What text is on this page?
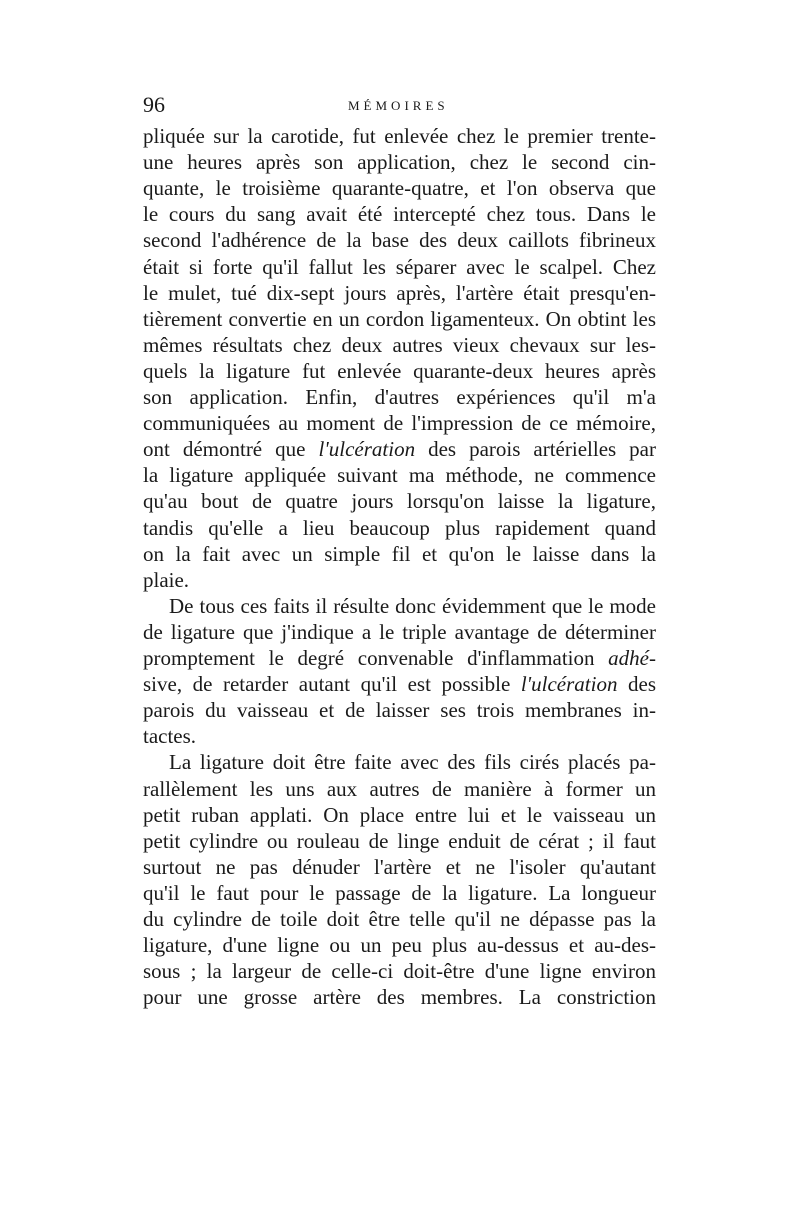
96	MÉMOIRES
pliquée sur la carotide, fut enlevée chez le premier trente-
une heures après son application, chez le second cin-
quante, le troisième quarante-quatre, et l'on observa que
le cours du sang avait été intercepté chez tous. Dans le
second l'adhérence de la base des deux caillots fibrineux
était si forte qu'il fallut les séparer avec le scalpel. Chez
le mulet, tué dix-sept jours après, l'artère était presqu'en-
tièrement convertie en un cordon ligamenteux. On obtint les
mêmes résultats chez deux autres vieux chevaux sur les-
quels la ligature fut enlevée quarante-deux heures après
son application. Enfin, d'autres expériences qu'il m'a
communiquées au moment de l'impression de ce mémoire,
ont démontré que l'ulcération des parois artérielles par
la ligature appliquée suivant ma méthode, ne commence
qu'au bout de quatre jours lorsqu'on laisse la ligature,
tandis qu'elle a lieu beaucoup plus rapidement quand
on la fait avec un simple fil et qu'on le laisse dans la
plaie.
De tous ces faits il résulte donc évidemment que le mode
de ligature que j'indique a le triple avantage de déterminer
promptement le degré convenable d'inflammation adhé-
sive, de retarder autant qu'il est possible l'ulcération des
parois du vaisseau et de laisser ses trois membranes in-
tactes.
La ligature doit être faite avec des fils cirés placés pa-
rallèlement les uns aux autres de manière à former un
petit ruban applati. On place entre lui et le vaisseau un
petit cylindre ou rouleau de linge enduit de cérat ; il faut
surtout ne pas dénuder l'artère et ne l'isoler qu'autant
qu'il le faut pour le passage de la ligature. La longueur
du cylindre de toile doit être telle qu'il ne dépasse pas la
ligature, d'une ligne ou un peu plus au-dessus et au-des-
sous ; la largeur de celle-ci doit-être d'une ligne environ
pour une grosse artère des membres. La constriction
